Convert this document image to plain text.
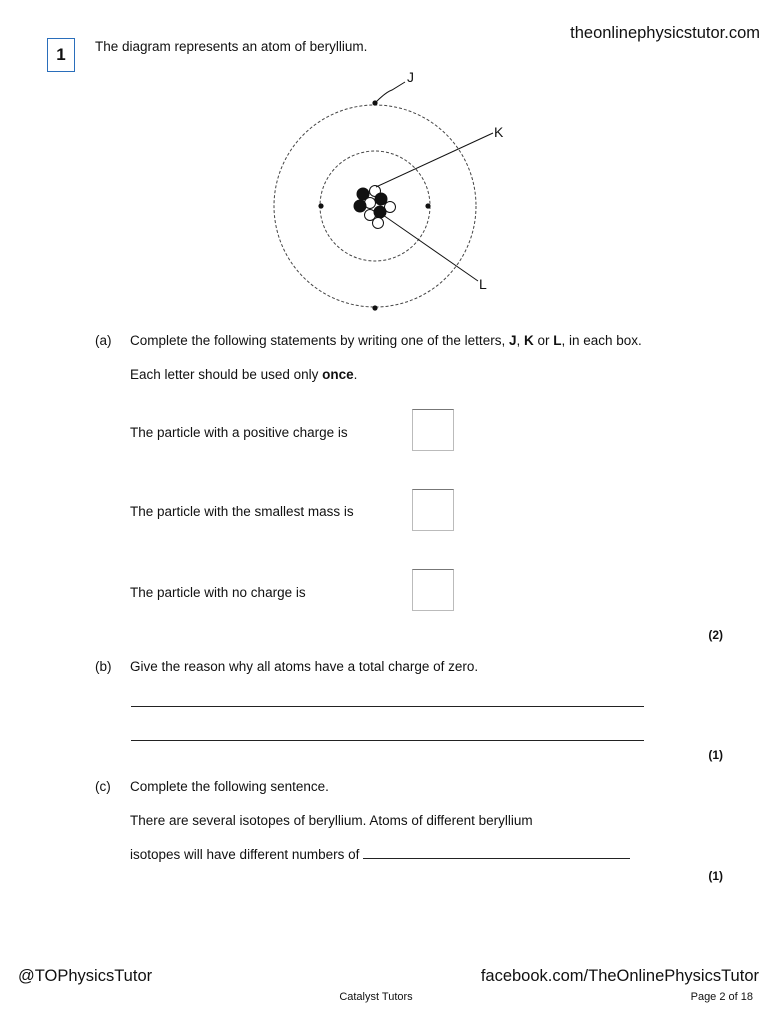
theonlinephysicstutor.com
1	The diagram represents an atom of beryllium.
J
K
L
(a) Complete the following statements by writing one of the letters, J, K or L, in each box.
Each letter should be used only once.
The particle with a positive charge is
The particle with the smallest mass is
The particle with no charge is
(2)
(b) Give the reason why all atoms have a total charge of zero.
(1)
(c) Complete the following sentence.
There are several isotopes of beryllium. Atoms of different beryllium
isotopes will have different numbers of
(1)
@TOPhysicsTutor	facebook.com/TheOnlinePhysicsTutor
Catalyst Tutors	Page 2 of 18
